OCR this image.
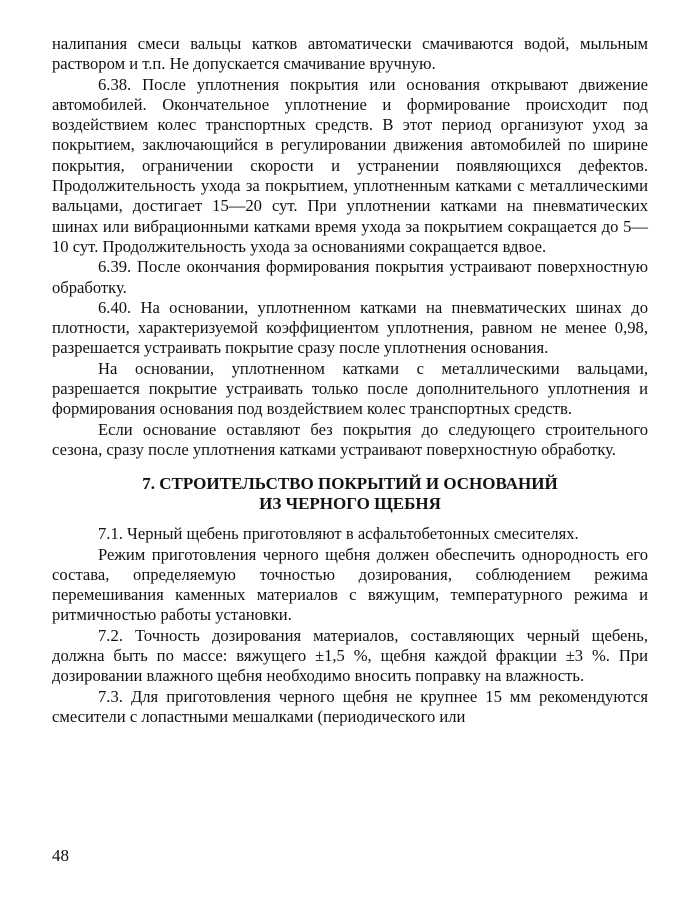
налипания смеси вальцы катков автоматически смачиваются водой, мыльным раствором и т.п. Не допускается смачивание вручную.

6.38. После уплотнения покрытия или основания открывают движение автомобилей. Окончательное уплотнение и формирование происходит под воздействием колес транспортных средств. В этот период организуют уход за покрытием, заключающийся в регулировании движения автомобилей по ширине покрытия, ограничении скорости и устранении появляющихся дефектов. Продолжительность ухода за покрытием, уплотненным катками с металлическими вальцами, достигает 15—20 сут. При уплотнении катками на пневматических шинах или вибрационными катками время ухода за покрытием сокращается до 5—10 сут. Продолжительность ухода за основаниями сокращается вдвое.

6.39. После окончания формирования покрытия устраивают поверхностную обработку.

6.40. На основании, уплотненном катками на пневматических шинах до плотности, характеризуемой коэффициентом уплотнения, равном не менее 0,98, разрешается устраивать покрытие сразу после уплотнения основания.

На основании, уплотненном катками с металлическими вальцами, разрешается покрытие устраивать только после дополнительного уплотнения и формирования основания под воздействием колес транспортных средств.

Если основание оставляют без покрытия до следующего строительного сезона, сразу после уплотнения катками устраивают поверхностную обработку.

7. СТРОИТЕЛЬСТВО ПОКРЫТИЙ И ОСНОВАНИЙ
ИЗ ЧЕРНОГО ЩЕБНЯ

7.1. Черный щебень приготовляют в асфальтобетонных смесителях.

Режим приготовления черного щебня должен обеспечить однородность его состава, определяемую точностью дозирования, соблюдением режима перемешивания каменных материалов с вяжущим, температурного режима и ритмичностью работы установки.

7.2. Точность дозирования материалов, составляющих черный щебень, должна быть по массе: вяжущего ±1,5 %, щебня каждой фракции ±3 %. При дозировании влажного щебня необходимо вносить поправку на влажность.

7.3. Для приготовления черного щебня не крупнее 15 мм рекомендуются смесители с лопастными мешалками (периодического или

48
